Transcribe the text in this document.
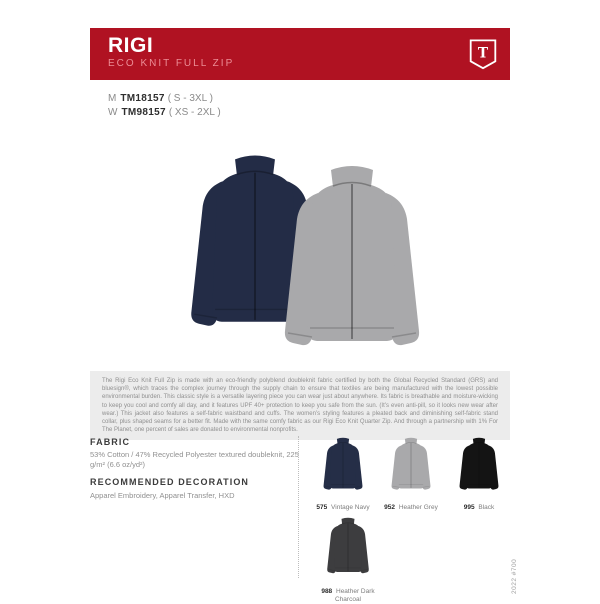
RIGI
ECO KNIT FULL ZIP
T
M TM18157 ( S - 3XL )
W TM98157 ( XS - 2XL )
The Rigi Eco Knit Full Zip is made with an eco-friendly polyblend doubleknit fabric certified by both the Global Recycled Standard (GRS) and bluesign®, which traces the complex journey through the supply chain to ensure that textiles are being manufactured with the lowest possible environmental burden. This classic style is a versatile layering piece you can wear just about anywhere. Its fabric is breathable and moisture-wicking to keep you cool and comfy all day, and it features UPF 40+ protection to keep you safe from the sun. (It’s even anti-pill, so it looks new wear after wear.) This jacket also features a self-fabric waistband and cuffs. The women’s styling features a pleated back and diminishing self-fabric stand collar, plus shaped seams for a better fit. Made with the same comfy fabric as our Rigi Eco Knit Quarter Zip. And through a partnership with 1% For The Planet, one percent of sales are donated to environmental nonprofits.
FABRIC
53% Cotton / 47% Recycled Polyester textured doubleknit, 225 g/m² (6.6 oz/yd²)
RECOMMENDED DECORATION
Apparel Embroidery, Apparel Transfer, HXD
575 Vintage Navy 952 Heather Grey	995 Black
988 Heather Dark Charcoal
2022 #700
